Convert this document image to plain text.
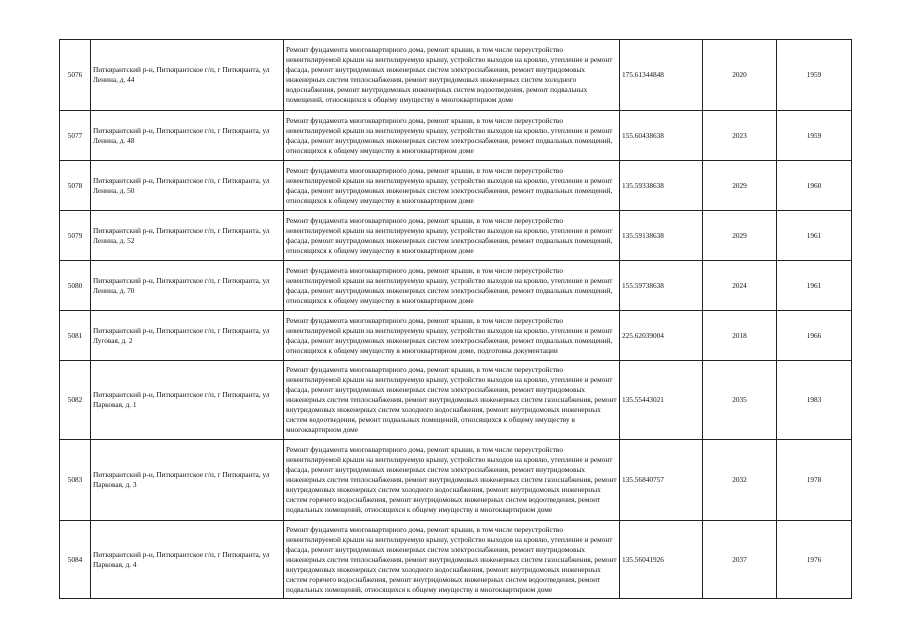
5076	Питкярантский р-н, Питкярантское г/п, г Питкяранта, ул Ленина, д. 44	Ремонт фундамента многоквартирного дома, ремонт крыши, в том числе переустройство невентилируемой крыши на вентилируемую крышу, устройство выходов на кровлю, утепление и ремонт фасада, ремонт внутридомовых инженерных систем электроснабжения, ремонт внутридомовых инженерных систем теплоснабжения, ремонт внутридомовых инженерных систем холодного водоснабжения, ремонт внутридомовых инженерных систем водоотведения, ремонт подвальных помещений, относящихся к общему имуществу в многоквартирном доме	175.61344848	2020	1959
5077	Питкярантский р-н, Питкярантское г/п, г Питкяранта, ул Ленина, д. 48	Ремонт фундамента многоквартирного дома, ремонт крыши, в том числе переустройство невентилируемой крыши на вентилируемую крышу, устройство выходов на кровлю, утепление и ремонт фасада, ремонт внутридомовых инженерных систем электроснабжения, ремонт подвальных помещений, относящихся к общему имуществу в многоквартирном доме	155.60438638	2023	1959
5078	Питкярантский р-н, Питкярантское г/п, г Питкяранта, ул Ленина, д. 50	Ремонт фундамента многоквартирного дома, ремонт крыши, в том числе переустройство невентилируемой крыши на вентилируемую крышу, устройство выходов на кровлю, утепление и ремонт фасада, ремонт внутридомовых инженерных систем электроснабжения, ремонт подвальных помещений, относящихся к общему имуществу в многоквартирном доме	135.59338638	2029	1960
5079	Питкярантский р-н, Питкярантское г/п, г Питкяранта, ул Ленина, д. 52	Ремонт фундамента многоквартирного дома, ремонт крыши, в том числе переустройство невентилируемой крыши на вентилируемую крышу, устройство выходов на кровлю, утепление и ремонт фасада, ремонт внутридомовых инженерных систем электроснабжения, ремонт подвальных помещений, относящихся к общему имуществу в многоквартирном доме	135.59138638	2029	1961
5080	Питкярантский р-н, Питкярантское г/п, г Питкяранта, ул Ленина, д. 70	Ремонт фундамента многоквартирного дома, ремонт крыши, в том числе переустройство невентилируемой крыши на вентилируемую крышу, устройство выходов на кровлю, утепление и ремонт фасада, ремонт внутридомовых инженерных систем электроснабжения, ремонт подвальных помещений, относящихся к общему имуществу в многоквартирном доме	155.59738638	2024	1961
5081	Питкярантский р-н, Питкярантское г/п, г Питкяранта, ул Луговая, д. 2	Ремонт фундамента многоквартирного дома, ремонт крыши, в том числе переустройство невентилируемой крыши на вентилируемую крышу, устройство выходов на кровлю, утепление и ремонт фасада, ремонт внутридомовых инженерных систем электроснабжения, ремонт подвальных помещений, относящихся к общему имуществу в многоквартирном доме, подготовка документации	225.62039004	2018	1966
5082	Питкярантский р-н, Питкярантское г/п, г Питкяранта, ул Парковая, д. 1	Ремонт фундамента многоквартирного дома, ремонт крыши, в том числе переустройство невентилируемой крыши на вентилируемую крышу, устройство выходов на кровлю, утепление и ремонт фасада, ремонт внутридомовых инженерных систем электроснабжения, ремонт внутридомовых инженерных систем теплоснабжения, ремонт внутридомовых инженерных систем газоснабжения, ремонт внутридомовых инженерных систем холодного водоснабжения, ремонт внутридомовых инженерных систем водоотведения, ремонт подвальных помещений, относящихся к общему имуществу в многоквартирном доме	135.55443021	2035	1983
5083	Питкярантский р-н, Питкярантское г/п, г Питкяранта, ул Парковая, д. 3	Ремонт фундамента многоквартирного дома, ремонт крыши, в том числе переустройство невентилируемой крыши на вентилируемую крышу, устройство выходов на кровлю, утепление и ремонт фасада, ремонт внутридомовых инженерных систем электроснабжения, ремонт внутридомовых инженерных систем теплоснабжения, ремонт внутридомовых инженерных систем газоснабжения, ремонт внутридомовых инженерных систем холодного водоснабжения, ремонт внутридомовых инженерных систем горячего водоснабжения, ремонт внутридомовых инженерных систем водоотведения, ремонт подвальных помещений, относящихся к общему имуществу в многоквартирном доме	135.56840757	2032	1978
5084	Питкярантский р-н, Питкярантское г/п, г Питкяранта, ул Парковая, д. 4	Ремонт фундамента многоквартирного дома, ремонт крыши, в том числе переустройство невентилируемой крыши на вентилируемую крышу, устройство выходов на кровлю, утепление и ремонт фасада, ремонт внутридомовых инженерных систем электроснабжения, ремонт внутридомовых инженерных систем теплоснабжения, ремонт внутридомовых инженерных систем газоснабжения, ремонт внутридомовых инженерных систем холодного водоснабжения, ремонт внутридомовых инженерных систем горячего водоснабжения, ремонт внутридомовых инженерных систем водоотведения, ремонт подвальных помещений, относящихся к общему имуществу в многоквартирном доме	135.56041926	2037	1976
